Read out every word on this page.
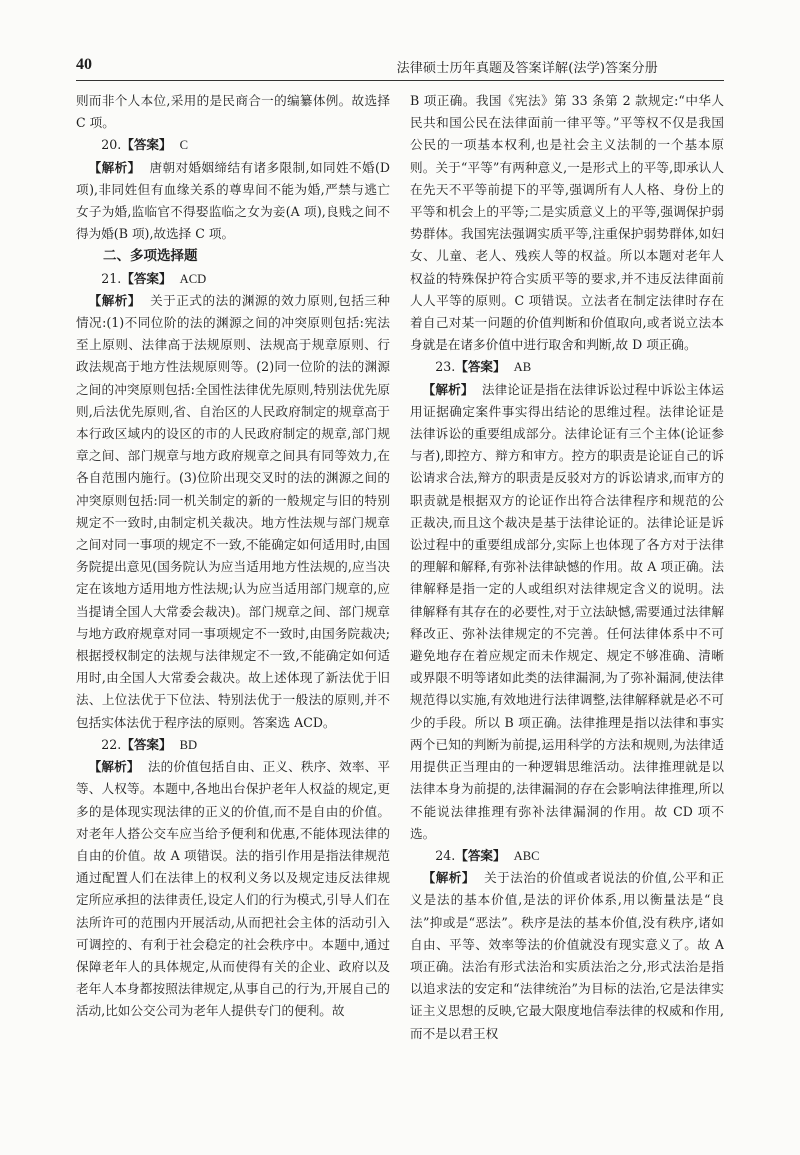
40	法律硕士历年真题及答案详解(法学)答案分册

则而非个人本位,采用的是民商合一的编纂体例。故选择 C 项。

20.【答案】 C

【解析】 唐朝对婚姻缔结有诸多限制,如同姓不婚(D 项),非同姓但有血缘关系的尊卑间不能为婚,严禁与逃亡女子为婚,监临官不得娶监临之女为妾(A 项),良贱之间不得为婚(B 项),故选择 C 项。

二、多项选择题

21.【答案】 ACD

【解析】 关于正式的法的渊源的效力原则,包括三种情况:(1)不同位阶的法的渊源之间的冲突原则包括:宪法至上原则、法律高于法规原则、法规高于规章原则、行政法规高于地方性法规原则等。(2)同一位阶的法的渊源之间的冲突原则包括:全国性法律优先原则,特别法优先原则,后法优先原则,省、自治区的人民政府制定的规章高于本行政区域内的设区的市的人民政府制定的规章,部门规章之间、部门规章与地方政府规章之间具有同等效力,在各自范围内施行。(3)位阶出现交叉时的法的渊源之间的冲突原则包括:同一机关制定的新的一般规定与旧的特别规定不一致时,由制定机关裁决。地方性法规与部门规章之间对同一事项的规定不一致,不能确定如何适用时,由国务院提出意见(国务院认为应当适用地方性法规的,应当决定在该地方适用地方性法规;认为应当适用部门规章的,应当提请全国人大常委会裁决)。部门规章之间、部门规章与地方政府规章对同一事项规定不一致时,由国务院裁决;根据授权制定的法规与法律规定不一致,不能确定如何适用时,由全国人大常委会裁决。故上述体现了新法优于旧法、上位法优于下位法、特别法优于一般法的原则,并不包括实体法优于程序法的原则。答案选 ACD。

22.【答案】 BD

【解析】 法的价值包括自由、正义、秩序、效率、平等、人权等。本题中,各地出台保护老年人权益的规定,更多的是体现实现法律的正义的价值,而不是自由的价值。对老年人搭公交车应当给予便利和优惠,不能体现法律的自由的价值。故 A 项错误。法的指引作用是指法律规范通过配置人们在法律上的权利义务以及规定违反法律规定所应承担的法律责任,设定人们的行为模式,引导人们在法所许可的范围内开展活动,从而把社会主体的活动引入可调控的、有利于社会稳定的社会秩序中。本题中,通过保障老年人的具体规定,从而使得有关的企业、政府以及老年人本身都按照法律规定,从事自己的行为,开展自己的活动,比如公交公司为老年人提供专门的便利。故

B 项正确。我国《宪法》第 33 条第 2 款规定:“中华人民共和国公民在法律面前一律平等。”平等权不仅是我国公民的一项基本权利,也是社会主义法制的一个基本原则。关于“平等”有两种意义,一是形式上的平等,即承认人在先天不平等前提下的平等,强调所有人人格、身份上的平等和机会上的平等;二是实质意义上的平等,强调保护弱势群体。我国宪法强调实质平等,注重保护弱势群体,如妇女、儿童、老人、残疾人等的权益。所以本题对老年人权益的特殊保护符合实质平等的要求,并不违反法律面前人人平等的原则。C 项错误。立法者在制定法律时存在着自己对某一问题的价值判断和价值取向,或者说立法本身就是在诸多价值中进行取舍和判断,故 D 项正确。

23.【答案】 AB

【解析】 法律论证是指在法律诉讼过程中诉讼主体运用证据确定案件事实得出结论的思维过程。法律论证是法律诉讼的重要组成部分。法律论证有三个主体(论证参与者),即控方、辩方和审方。控方的职责是论证自己的诉讼请求合法,辩方的职责是反驳对方的诉讼请求,而审方的职责就是根据双方的论证作出符合法律程序和规范的公正裁决,而且这个裁决是基于法律论证的。法律论证是诉讼过程中的重要组成部分,实际上也体现了各方对于法律的理解和解释,有弥补法律缺憾的作用。故 A 项正确。法律解释是指一定的人或组织对法律规定含义的说明。法律解释有其存在的必要性,对于立法缺憾,需要通过法律解释改正、弥补法律规定的不完善。任何法律体系中不可避免地存在着应规定而未作规定、规定不够准确、清晰或界限不明等诸如此类的法律漏洞,为了弥补漏洞,使法律规范得以实施,有效地进行法律调整,法律解释就是必不可少的手段。所以 B 项正确。法律推理是指以法律和事实两个已知的判断为前提,运用科学的方法和规则,为法律适用提供正当理由的一种逻辑思维活动。法律推理就是以法律本身为前提的,法律漏洞的存在会影响法律推理,所以不能说法律推理有弥补法律漏洞的作用。故 CD 项不选。

24.【答案】 ABC

【解析】 关于法治的价值或者说法的价值,公平和正义是法的基本价值,是法的评价体系,用以衡量法是“良法”抑或是“恶法”。秩序是法的基本价值,没有秩序,诸如自由、平等、效率等法的价值就没有现实意义了。故 A 项正确。法治有形式法治和实质法治之分,形式法治是指以追求法的安定和“法律统治”为目标的法治,它是法律实证主义思想的反映,它最大限度地信奉法律的权威和作用,而不是以君王权
